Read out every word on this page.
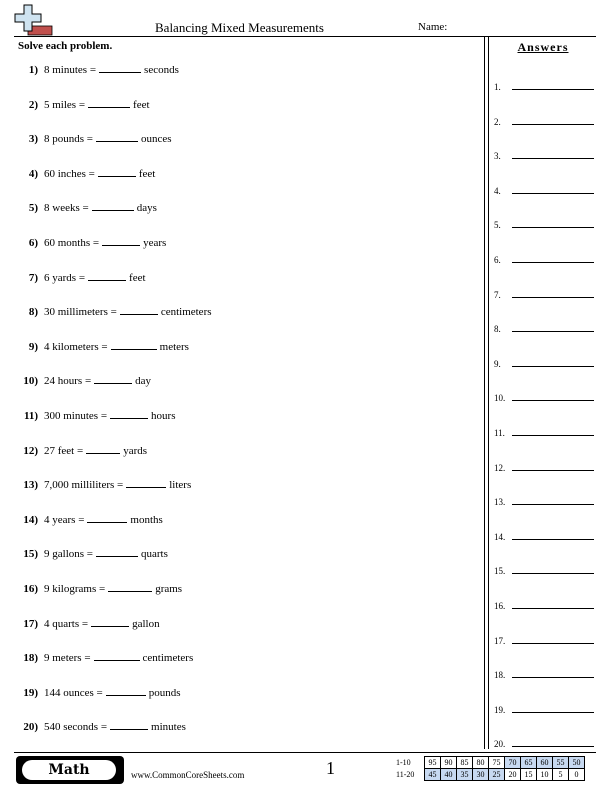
Balancing Mixed Measurements	Name:
Solve each problem.
1) 8 minutes =	seconds
2) 5 miles =	feet
3) 8 pounds =	ounces
4) 60 inches =	feet
5) 8 weeks =	days
6) 60 months =	years
7) 6 yards =	feet
8) 30 millimeters =	centimeters
9) 4 kilometers =	meters
10) 24 hours =	day
11) 300 minutes =	hours
12) 27 feet =	yards
13) 7,000 milliliters =	liters
14) 4 years =	months
15) 9 gallons =	quarts
16) 9 kilograms =	grams
17) 4 quarts =	gallon
18) 9 meters =	centimeters
19) 144 ounces =	pounds
20) 540 seconds =	minutes
Answers
1.
2.
3.
4.
5.
6.
7.
8.
9.
10.
11.
12.
13.
14.
15.
16.
17.
18.
19.
20.
Math	www.CommonCoreSheets.com	1	1-10	95	90	85	80	75	70	65	60	55	50
11-20	45	40	35	30	25	20	15	10	5	0
